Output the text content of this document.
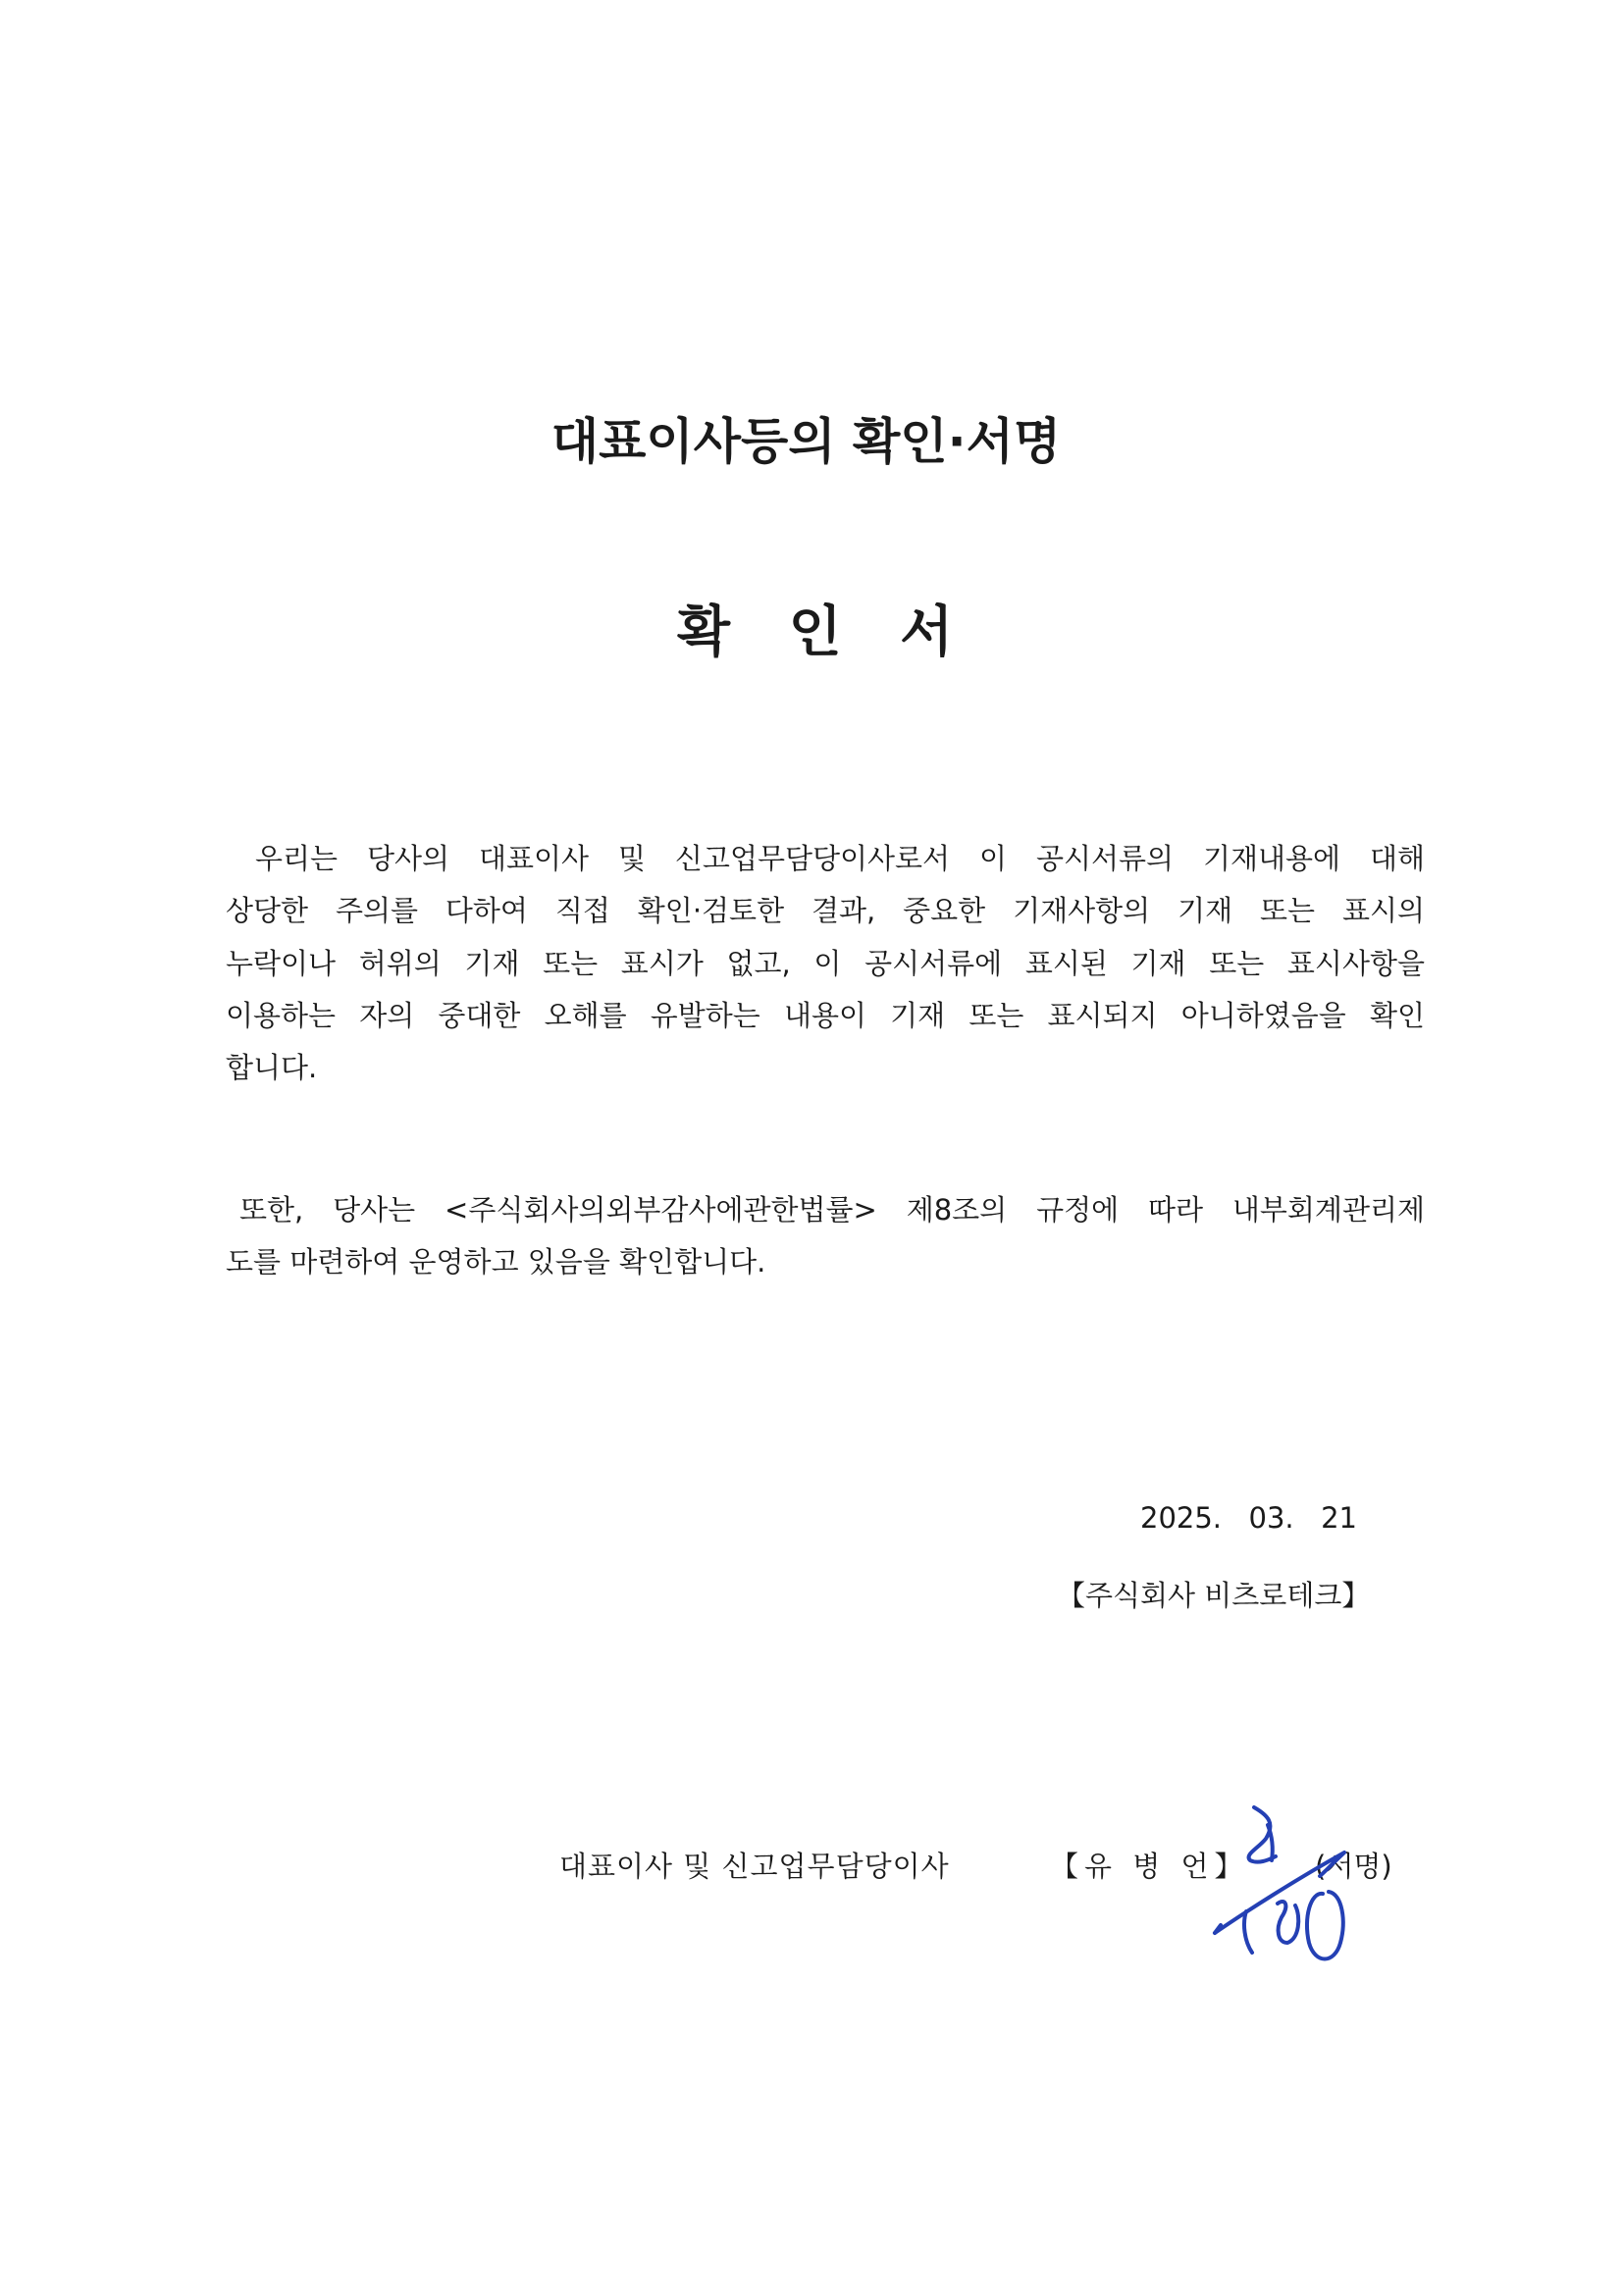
대표이사등의 확인·서명
확 인 서
우리는 당사의 대표이사 및 신고업무담당이사로서 이 공시서류의 기재내용에 대해
상당한 주의를 다하여 직접 확인·검토한 결과, 중요한 기재사항의 기재 또는 표시의
누락이나 허위의 기재 또는 표시가 없고, 이 공시서류에 표시된 기재 또는 표시사항을
이용하는 자의 중대한 오해를 유발하는 내용이 기재 또는 표시되지 아니하였음을 확인
합니다.
또한, 당사는 <주식회사의외부감사에관한법률> 제8조의 규정에 따라 내부회계관리제
도를 마련하여 운영하고 있음을 확인합니다.
2025. 03. 21
【주식회사 비츠로테크】
대표이사 및 신고업무담당이사	【유 병 언】 (서명)
